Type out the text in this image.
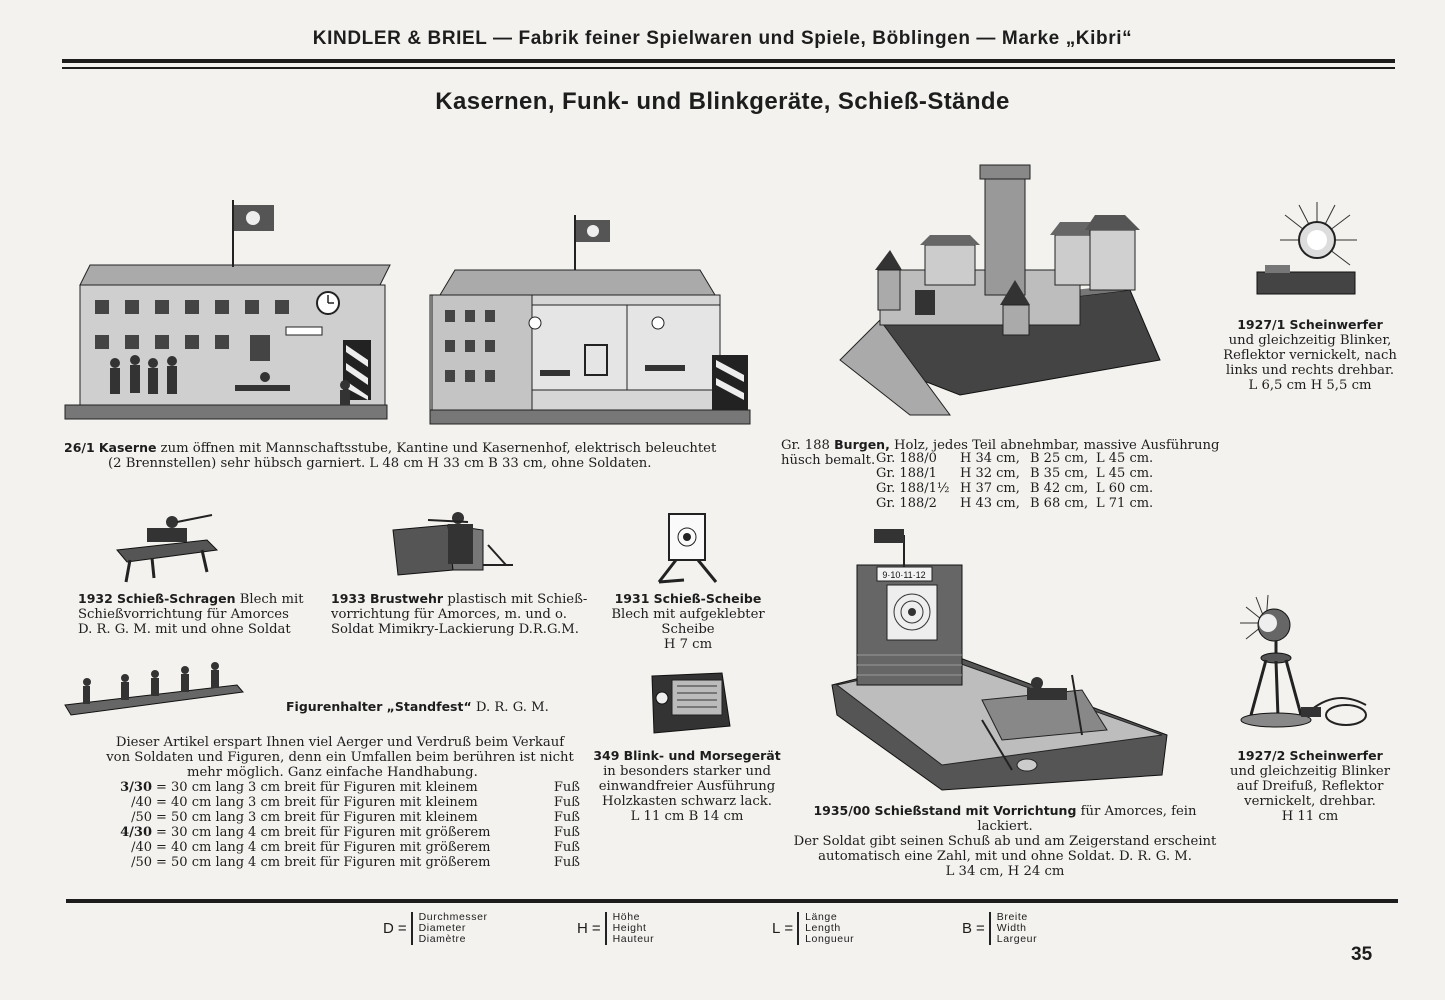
KINDLER & BRIEL — Fabrik feiner Spielwaren und Spiele, Böblingen — Marke „Kibri“
Kasernen, Funk- und Blinkgeräte, Schieß-Stände
26/1 Kaserne zum öffnen mit Mannschaftsstube, Kantine und Kasernenhof, elektrisch beleuchtet
(2 Brennstellen) sehr hübsch garniert. L 48 cm H 33 cm B 33 cm, ohne Soldaten.
Gr. 188 Burgen, Holz, jedes Teil abnehmbar, massive Ausführung
hüsch bemalt. Gr. 188/0	H 34 cm,	B 25 cm,	L 45 cm.
Gr. 188/1	H 32 cm,	B 35 cm,	L 45 cm.
Gr. 188/1½	H 37 cm,	B 42 cm,	L 60 cm.
Gr. 188/2	H 43 cm,	B 68 cm,	L 71 cm.
1927/1 Scheinwerfer
und gleichzeitig Blinker,
Reflektor vernickelt, nach
links und rechts drehbar.
L 6,5 cm H 5,5 cm
1932 Schieß-Schragen Blech mit
Schießvorrichtung für Amorces
D. R. G. M. mit und ohne Soldat
1933 Brustwehr plastisch mit Schieß-
vorrichtung für Amorces, m. und o.
Soldat Mimikry-Lackierung D.R.G.M.
1931 Schieß-Scheibe
Blech mit aufgeklebter
Scheibe
H 7 cm
Figurenhalter „Standfest“ D. R. G. M.
Dieser Artikel erspart Ihnen viel Aerger und Verdruß beim Verkauf
von Soldaten und Figuren, denn ein Umfallen beim berühren ist nicht
mehr möglich. Ganz einfache Handhabung.
3/30	= 30 cm lang	3 cm breit	für Figuren mit kleinem	Fuß
/40	= 40 cm lang	3 cm breit	für Figuren mit kleinem	Fuß
/50	= 50 cm lang	3 cm breit	für Figuren mit kleinem	Fuß
4/30	= 30 cm lang	4 cm breit	für Figuren mit größerem	Fuß
/40	= 40 cm lang	4 cm breit	für Figuren mit größerem	Fuß
/50	= 50 cm lang	4 cm breit	für Figuren mit größerem	Fuß
349 Blink- und Morsegerät
in besonders starker und
einwandfreier Ausführung
Holzkasten schwarz lack.
L 11 cm B 14 cm
9·10·11·12
1935/00 Schießstand mit Vorrichtung für Amorces, fein lackiert.
Der Soldat gibt seinen Schuß ab und am Zeigerstand erscheint
automatisch eine Zahl, mit und ohne Soldat. D. R. G. M.
L 34 cm, H 24 cm
1927/2 Scheinwerfer
und gleichzeitig Blinker
auf Dreifuß, Reflektor
vernickelt, drehbar.
H 11 cm
D =
Durchmesser
Diameter
Diamètre
H =
Höhe
Height
Hauteur
L =
Länge
Length
Longueur
B =
Breite
Width
Largeur
35
